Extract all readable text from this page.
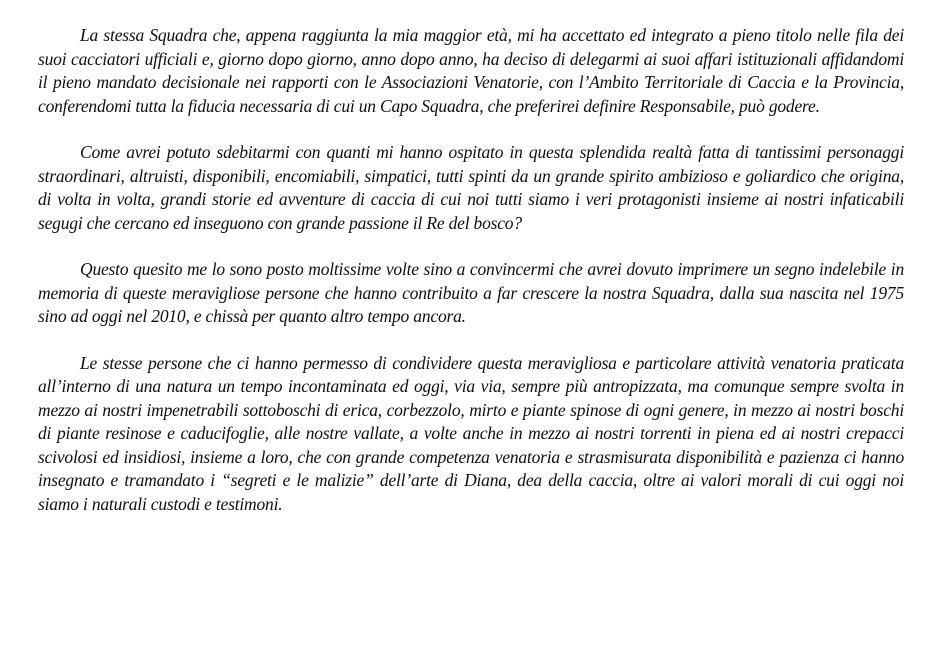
La stessa Squadra che, appena raggiunta la mia maggior età, mi ha accettato ed integrato a pieno titolo nelle fila dei suoi cacciatori ufficiali e, giorno dopo giorno, anno dopo anno, ha deciso di delegarmi ai suoi affari istituzionali affidandomi il pieno mandato decisionale nei rapporti con le Associazioni Venatorie, con l’Ambito Territoriale di Caccia e la Provincia, conferendomi tutta la fiducia necessaria di cui un Capo Squadra, che preferirei definire Responsabile, può godere.

Come avrei potuto sdebitarmi con quanti mi hanno ospitato in questa splendida realtà fatta di tantissimi personaggi straordinari, altruisti, disponibili, encomiabili, simpatici, tutti spinti da un grande spirito ambizioso e goliardico che origina, di volta in volta, grandi storie ed avventure di caccia di cui noi tutti siamo i veri protagonisti insieme ai nostri infaticabili segugi che cercano ed inseguono con grande passione il Re del bosco?

Questo quesito me lo sono posto moltissime volte sino a convincermi che avrei dovuto imprimere un segno indelebile in memoria di queste meravigliose persone che hanno contribuito a far crescere la nostra Squadra, dalla sua nascita nel 1975 sino ad oggi nel 2010, e chissà per quanto altro tempo ancora.

Le stesse persone che ci hanno permesso di condividere questa meravigliosa e particolare attività venatoria praticata all’interno di una natura un tempo incontaminata ed oggi, via via, sempre più antropizzata, ma comunque sempre svolta in mezzo ai nostri impenetrabili sottoboschi di erica, corbezzolo, mirto e piante spinose di ogni genere, in mezzo ai nostri boschi di piante resinose e caducifoglie, alle nostre vallate, a volte anche in mezzo ai nostri torrenti in piena ed ai nostri crepacci scivolosi ed insidiosi, insieme a loro, che con grande competenza venatoria e strasmisurata disponibilità e pazienza ci hanno insegnato e tramandato i “segreti e le malizie” dell’arte di Diana, dea della caccia, oltre ai valori morali di cui oggi noi siamo i naturali custodi e testimoni.
